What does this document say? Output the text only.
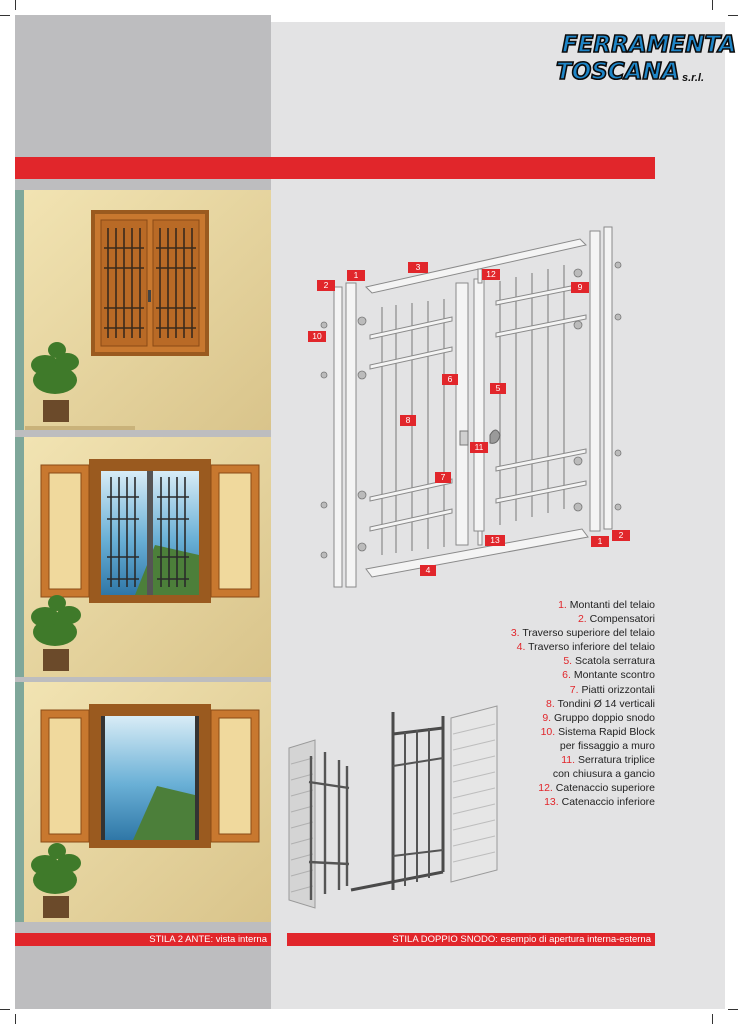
FERRAMENTA
TOSCANA s.r.l.
1
2
3
12
9
10
6
5
8
11
7
13
4
1
2
1. Montanti del telaio
2. Compensatori
3. Traverso superiore del telaio
4. Traverso inferiore del telaio
5. Scatola serratura
6. Montante scontro
7. Piatti orizzontali
8. Tondini Ø 14 verticali
9. Gruppo doppio snodo
10. Sistema Rapid Block
per fissaggio a muro
11. Serratura triplice
con chiusura a gancio
12. Catenaccio superiore
13. Catenaccio inferiore
STILA 2 ANTE: vista interna	STILA DOPPIO SNODO: esempio di apertura interna-esterna
